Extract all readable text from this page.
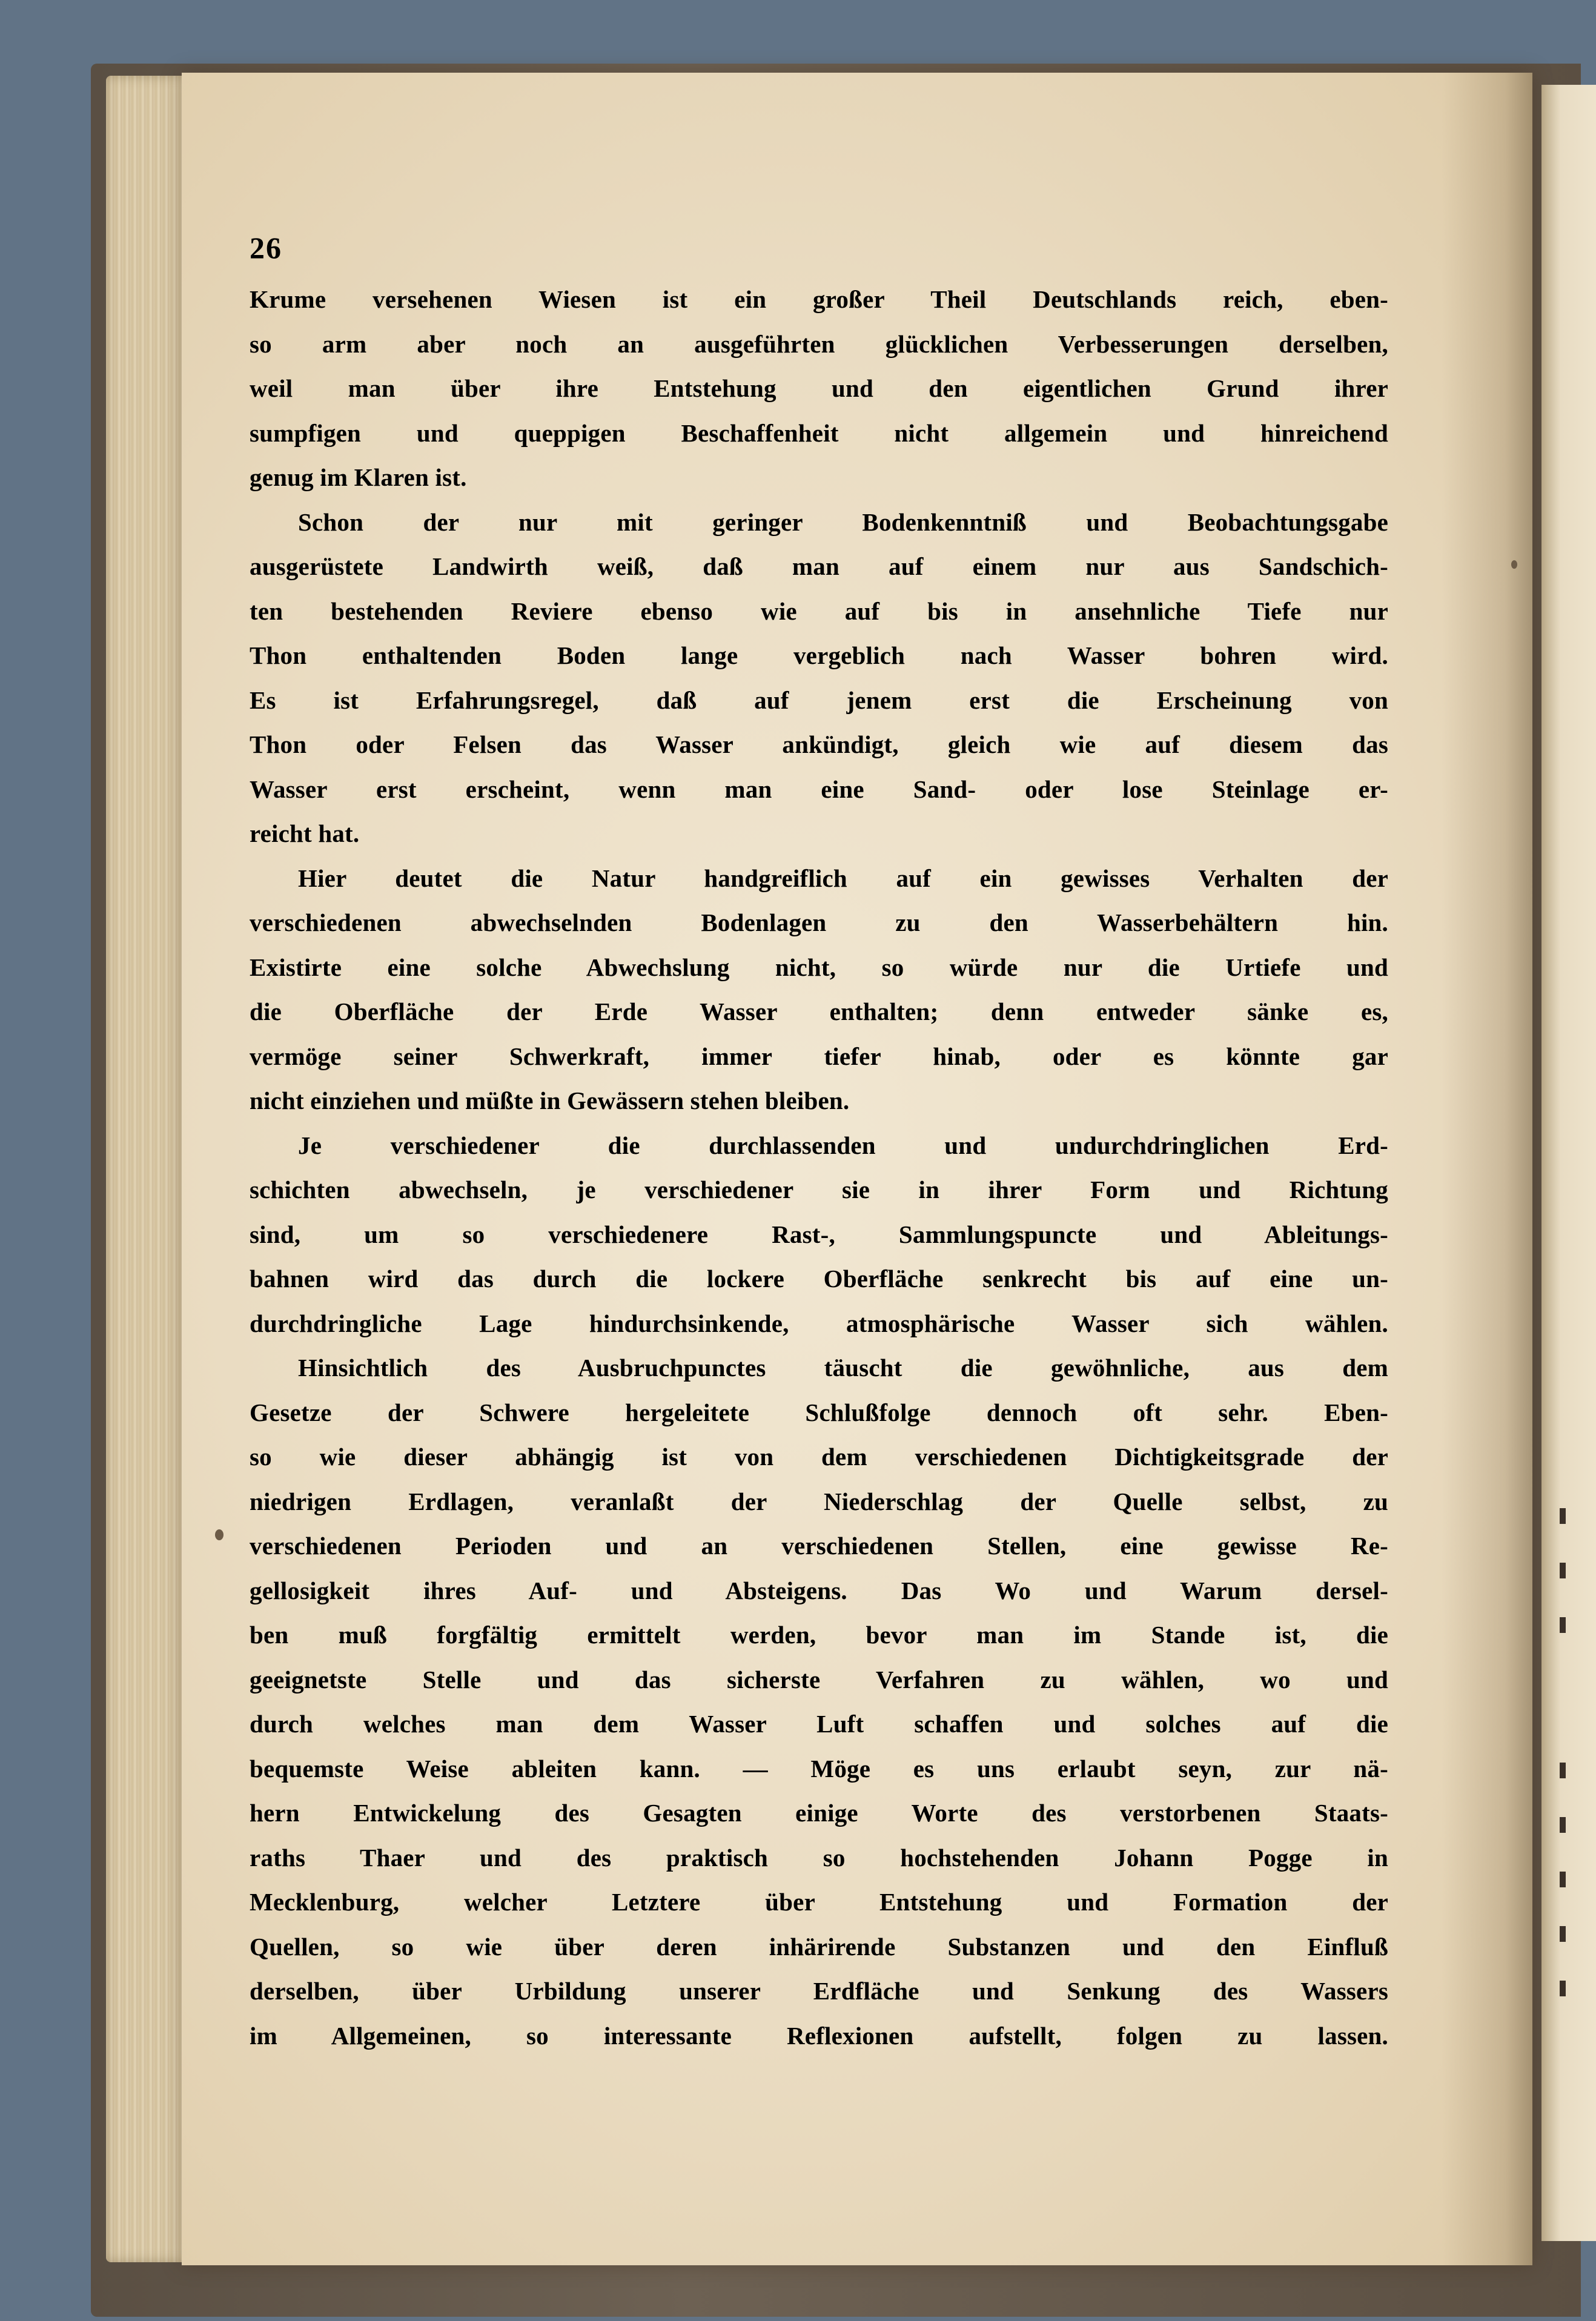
26
Krume versehenen Wiesen ist ein großer Theil Deutschlands reich, eben-
so arm aber noch an ausgeführten glücklichen Verbesserungen derselben,
weil man über ihre Entstehung und den eigentlichen Grund ihrer
sumpfigen und queppigen Beschaffenheit nicht allgemein und hinreichend
genug im Klaren ist.
Schon der nur mit geringer Bodenkenntniß und Beobachtungsgabe
ausgerüstete Landwirth weiß, daß man auf einem nur aus Sandschich-
ten bestehenden Reviere ebenso wie auf bis in ansehnliche Tiefe nur
Thon enthaltenden Boden lange vergeblich nach Wasser bohren wird.
Es ist Erfahrungsregel, daß auf jenem erst die Erscheinung von
Thon oder Felsen das Wasser ankündigt, gleich wie auf diesem das
Wasser erst erscheint, wenn man eine Sand- oder lose Steinlage er-
reicht hat.
Hier deutet die Natur handgreiflich auf ein gewisses Verhalten der
verschiedenen abwechselnden Bodenlagen zu den Wasserbehältern hin.
Existirte eine solche Abwechslung nicht, so würde nur die Urtiefe und
die Oberfläche der Erde Wasser enthalten; denn entweder sänke es,
vermöge seiner Schwerkraft, immer tiefer hinab, oder es könnte gar
nicht einziehen und müßte in Gewässern stehen bleiben.
Je verschiedener die durchlassenden und undurchdringlichen Erd-
schichten abwechseln, je verschiedener sie in ihrer Form und Richtung
sind, um so verschiedenere Rast-, Sammlungspuncte und Ableitungs-
bahnen wird das durch die lockere Oberfläche senkrecht bis auf eine un-
durchdringliche Lage hindurchsinkende, atmosphärische Wasser sich wählen.
Hinsichtlich des Ausbruchpunctes täuscht die gewöhnliche, aus dem
Gesetze der Schwere hergeleitete Schlußfolge dennoch oft sehr. Eben-
so wie dieser abhängig ist von dem verschiedenen Dichtigkeitsgrade der
niedrigen Erdlagen, veranlaßt der Niederschlag der Quelle selbst, zu
verschiedenen Perioden und an verschiedenen Stellen, eine gewisse Re-
gellosigkeit ihres Auf- und Absteigens. Das Wo und Warum dersel-
ben muß forgfältig ermittelt werden, bevor man im Stande ist, die
geeignetste Stelle und das sicherste Verfahren zu wählen, wo und
durch welches man dem Wasser Luft schaffen und solches auf die
bequemste Weise ableiten kann. — Möge es uns erlaubt seyn, zur nä-
hern Entwickelung des Gesagten einige Worte des verstorbenen Staats-
raths Thaer und des praktisch so hochstehenden Johann Pogge in
Mecklenburg, welcher Letztere über Entstehung und Formation der
Quellen, so wie über deren inhärirende Substanzen und den Einfluß
derselben, über Urbildung unserer Erdfläche und Senkung des Wassers
im Allgemeinen, so interessante Reflexionen aufstellt, folgen zu lassen.
